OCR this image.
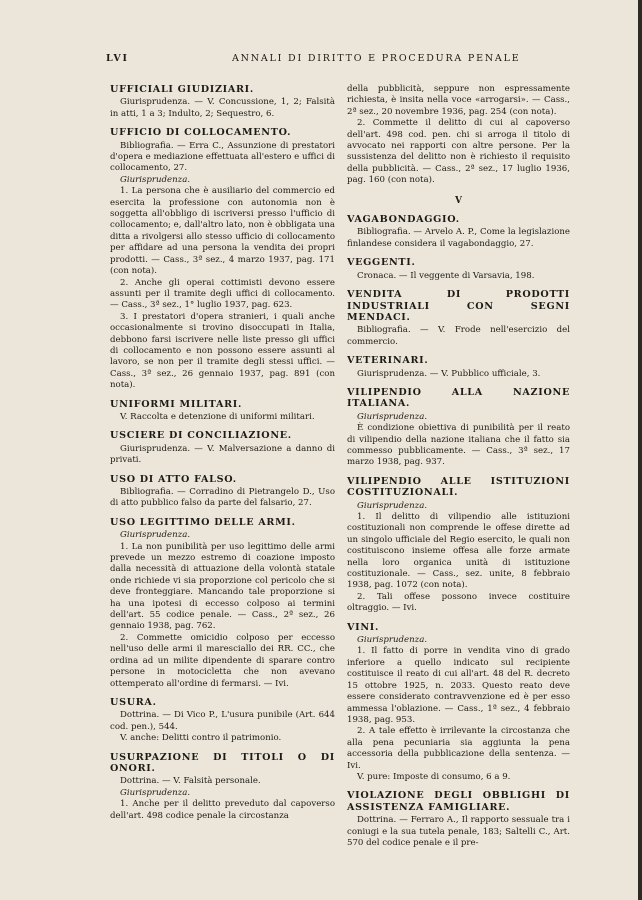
LVI	ANNALI DI DIRITTO E PROCEDURA PENALE
UFFICIALI GIUDIZIARI.
Giurisprudenza. — V. Concussione, 1, 2; Falsità in atti, 1 a 3; Indulto, 2; Sequestro, 6.
UFFICIO DI COLLOCAMENTO.
Bibliografia. — Erra C., Assunzione di prestatori d'opera e mediazione effettuata all'estero e uffici di collocamento, 27.
Giurisprudenza.
1. La persona che è ausiliario del commercio ed esercita la professione con autonomia non è soggetta all'obbligo di iscriversi presso l'ufficio di collocamento; e, dall'altro lato, non è obbligata una ditta a rivolgersi allo stesso ufficio di collocamento per affidare ad una persona la vendita dei propri prodotti. — Cass., 3ª sez., 4 marzo 1937, pag. 171 (con nota).
2. Anche gli operai cottimisti devono essere assunti per il tramite degli uffici di collocamento. — Cass., 3ª sez., 1° luglio 1937, pag. 623.
3. I prestatori d'opera stranieri, i quali anche occasionalmente si trovino disoccupati in Italia, debbono farsi iscrivere nelle liste presso gli uffici di collocamento e non possono essere assunti al lavoro, se non per il tramite degli stessi uffici. — Cass., 3ª sez., 26 gennaio 1937, pag. 891 (con nota).
UNIFORMI MILITARI.
V. Raccolta e detenzione di uniformi militari.
USCIERE DI CONCILIAZIONE.
Giurisprudenza. — V. Malversazione a danno di privati.
USO DI ATTO FALSO.
Bibliografia. — Corradino di Pietrangelo D., Uso di atto pubblico falso da parte del falsario, 27.
USO LEGITTIMO DELLE ARMI.
Giurisprudenza.
1. La non punibilità per uso legittimo delle armi prevede un mezzo estremo di coazione imposto dalla necessità di attuazione della volontà statale onde richiede vi sia proporzione col pericolo che si deve fronteggiare. Mancando tale proporzione si ha una ipotesi di eccesso colposo ai termini dell'art. 55 codice penale. — Cass., 2ª sez., 26 gennaio 1938, pag. 762.
2. Commette omicidio colposo per eccesso nell'uso delle armi il maresciallo dei RR. CC., che ordina ad un milite dipendente di sparare contro persone in motocicletta che non avevano ottemperato all'ordine di fermarsi. — Ivi.
USURA.
Dottrina. — Di Vico P., L'usura punibile (Art. 644 cod. pen.), 544.
V. anche: Delitti contro il patrimonio.
USURPAZIONE DI TITOLI O DI ONORI.
Dottrina. — V. Falsità personale.
Giurisprudenza.
1. Anche per il delitto preveduto dal capoverso dell'art. 498 codice penale la circostanza
della pubblicità, seppure non espressamente richiesta, è insita nella voce «arrogarsi». — Cass., 2ª sez., 20 novembre 1936, pag. 254 (con nota).
2. Commette il delitto di cui al capoverso dell'art. 498 cod. pen. chi si arroga il titolo di avvocato nei rapporti con altre persone. Per la sussistenza del delitto non è richiesto il requisito della pubblicità. — Cass., 2ª sez., 17 luglio 1936, pag. 160 (con nota).
V
VAGABONDAGGIO.
Bibliografia. — Arvelo A. P., Come la legislazione finlandese considera il vagabondaggio, 27.
VEGGENTI.
Cronaca. — Il veggente di Varsavia, 198.
VENDITA DI PRODOTTI INDUSTRIALI CON SEGNI MENDACI.
Bibliografia. — V. Frode nell'esercizio del commercio.
VETERINARI.
Giurisprudenza. — V. Pubblico ufficiale, 3.
VILIPENDIO ALLA NAZIONE ITALIANA.
Giurisprudenza.
È condizione obiettiva di punibilità per il reato di vilipendio della nazione italiana che il fatto sia commesso pubblicamente. — Cass., 3ª sez., 17 marzo 1938, pag. 937.
VILIPENDIO ALLE ISTITUZIONI COSTITUZIONALI.
Giurisprudenza.
1. Il delitto di vilipendio alle istituzioni costituzionali non comprende le offese dirette ad un singolo ufficiale del Regio esercito, le quali non costituiscono insieme offesa alle forze armate nella loro organica unità di istituzione costituzionale. — Cass., sez. unite, 8 febbraio 1938, pag. 1072 (con nota).
2. Tali offese possono invece costituire oltraggio. — Ivi.
VINI.
Giurisprudenza.
1. Il fatto di porre in vendita vino di grado inferiore a quello indicato sul recipiente costituisce il reato di cui all'art. 48 del R. decreto 15 ottobre 1925, n. 2033. Questo reato deve essere considerato contravvenzione ed è per esso ammessa l'oblazione. — Cass., 1ª sez., 4 febbraio 1938, pag. 953.
2. A tale effetto è irrilevante la circostanza che alla pena pecuniaria sia aggiunta la pena accessoria della pubblicazione della sentenza. — Ivi.
V. pure: Imposte di consumo, 6 a 9.
VIOLAZIONE DEGLI OBBLIGHI DI ASSISTENZA FAMIGLIARE.
Dottrina. — Ferraro A., Il rapporto sessuale tra i coniugi e la sua tutela penale, 183; Saltelli C., Art. 570 del codice penale e il pre-
